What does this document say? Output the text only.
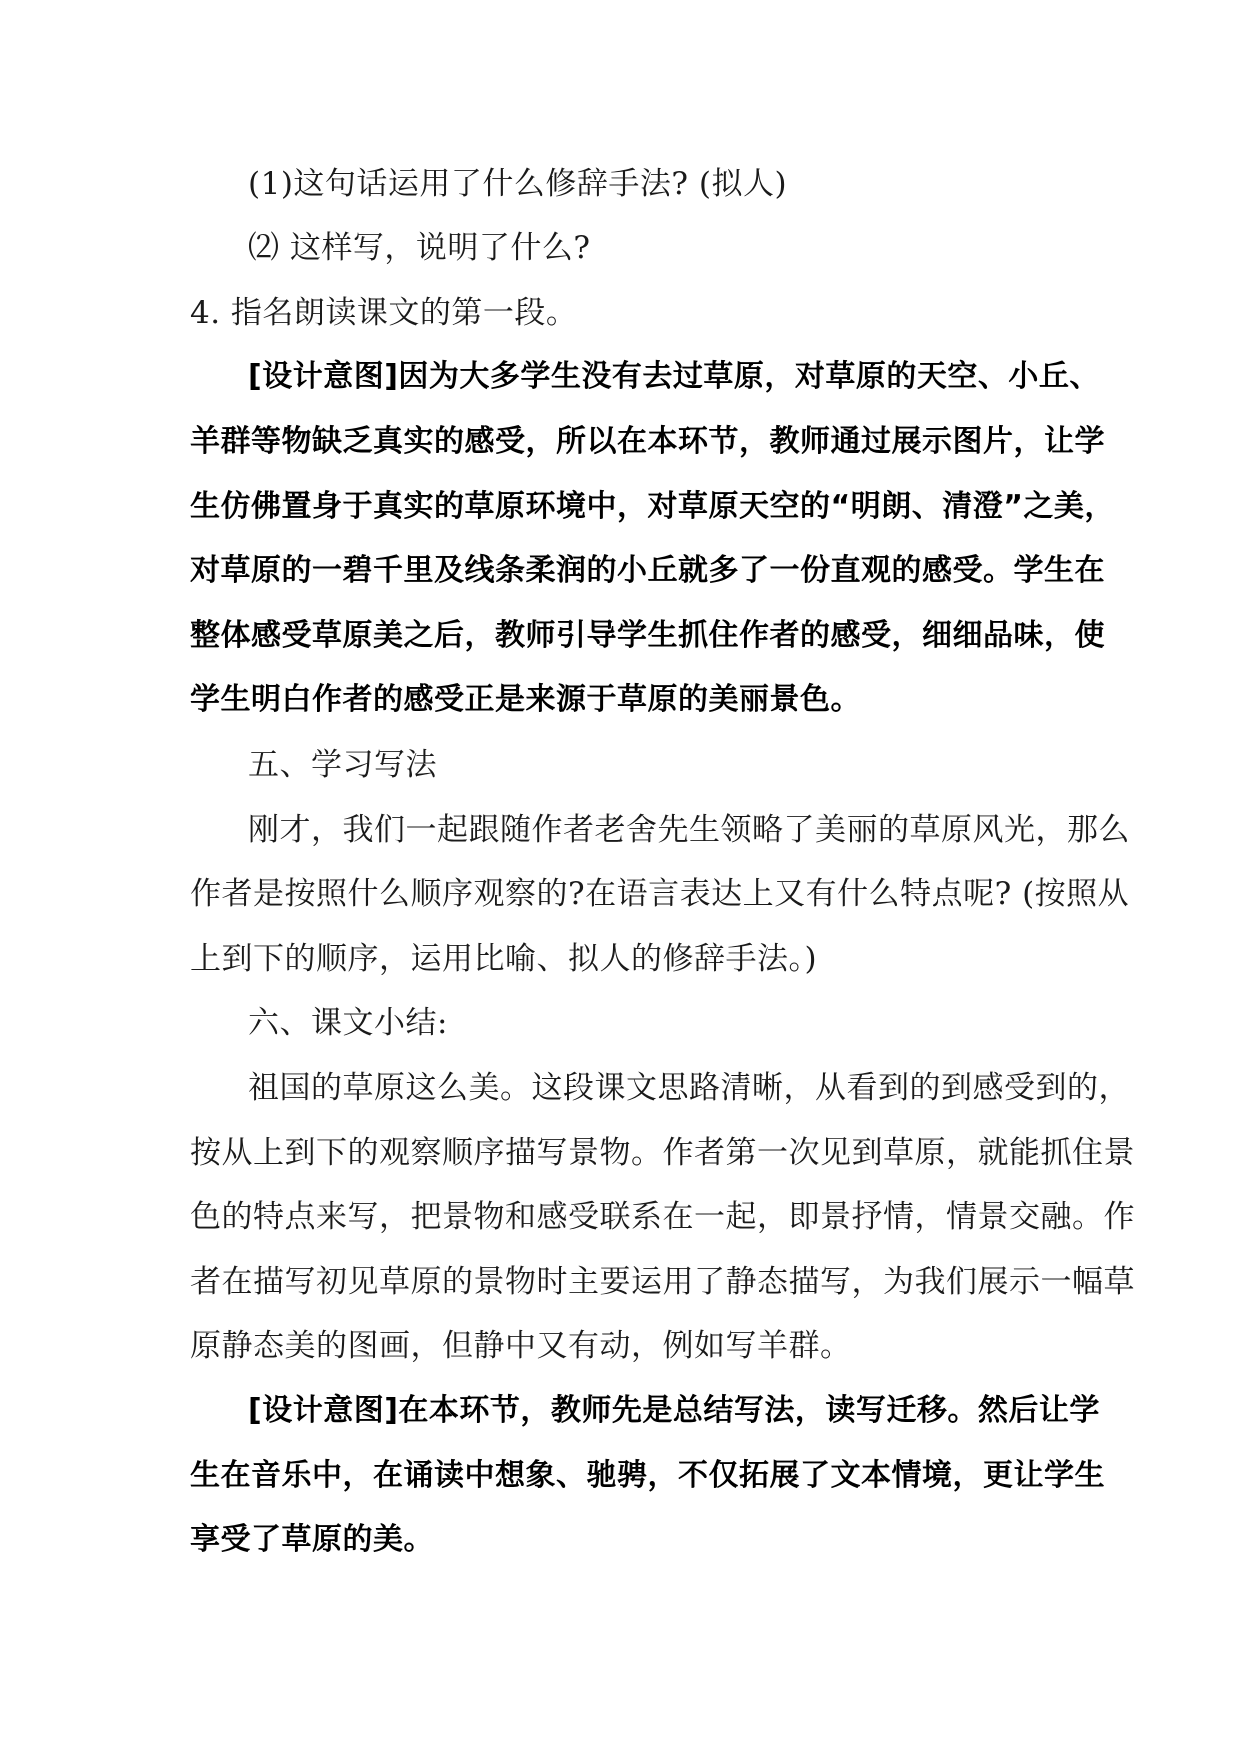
(1)这句话运用了什么修辞手法? (拟人)
⑵ 这样写，说明了什么?
4. 指名朗读课文的第一段。
[设计意图]因为大多学生没有去过草原，对草原的天空、小丘、
羊群等物缺乏真实的感受，所以在本环节，教师通过展示图片，让学
生仿佛置身于真实的草原环境中，对草原天空的“明朗、清澄”之美，
对草原的一碧千里及线条柔润的小丘就多了一份直观的感受。学生在
整体感受草原美之后，教师引导学生抓住作者的感受，细细品味，使
学生明白作者的感受正是来源于草原的美丽景色。
五、学习写法
刚才，我们一起跟随作者老舍先生领略了美丽的草原风光，那么
作者是按照什么顺序观察的?在语言表达上又有什么特点呢? (按照从
上到下的顺序，运用比喻、拟人的修辞手法。)
六、课文小结:
祖国的草原这么美。这段课文思路清晰，从看到的到感受到的，
按从上到下的观察顺序描写景物。作者第一次见到草原，就能抓住景
色的特点来写，把景物和感受联系在一起，即景抒情，情景交融。作
者在描写初见草原的景物时主要运用了静态描写，为我们展示一幅草
原静态美的图画，但静中又有动，例如写羊群。
[设计意图]在本环节，教师先是总结写法，读写迁移。然后让学
生在音乐中，在诵读中想象、驰骋，不仅拓展了文本情境，更让学生
享受了草原的美。
